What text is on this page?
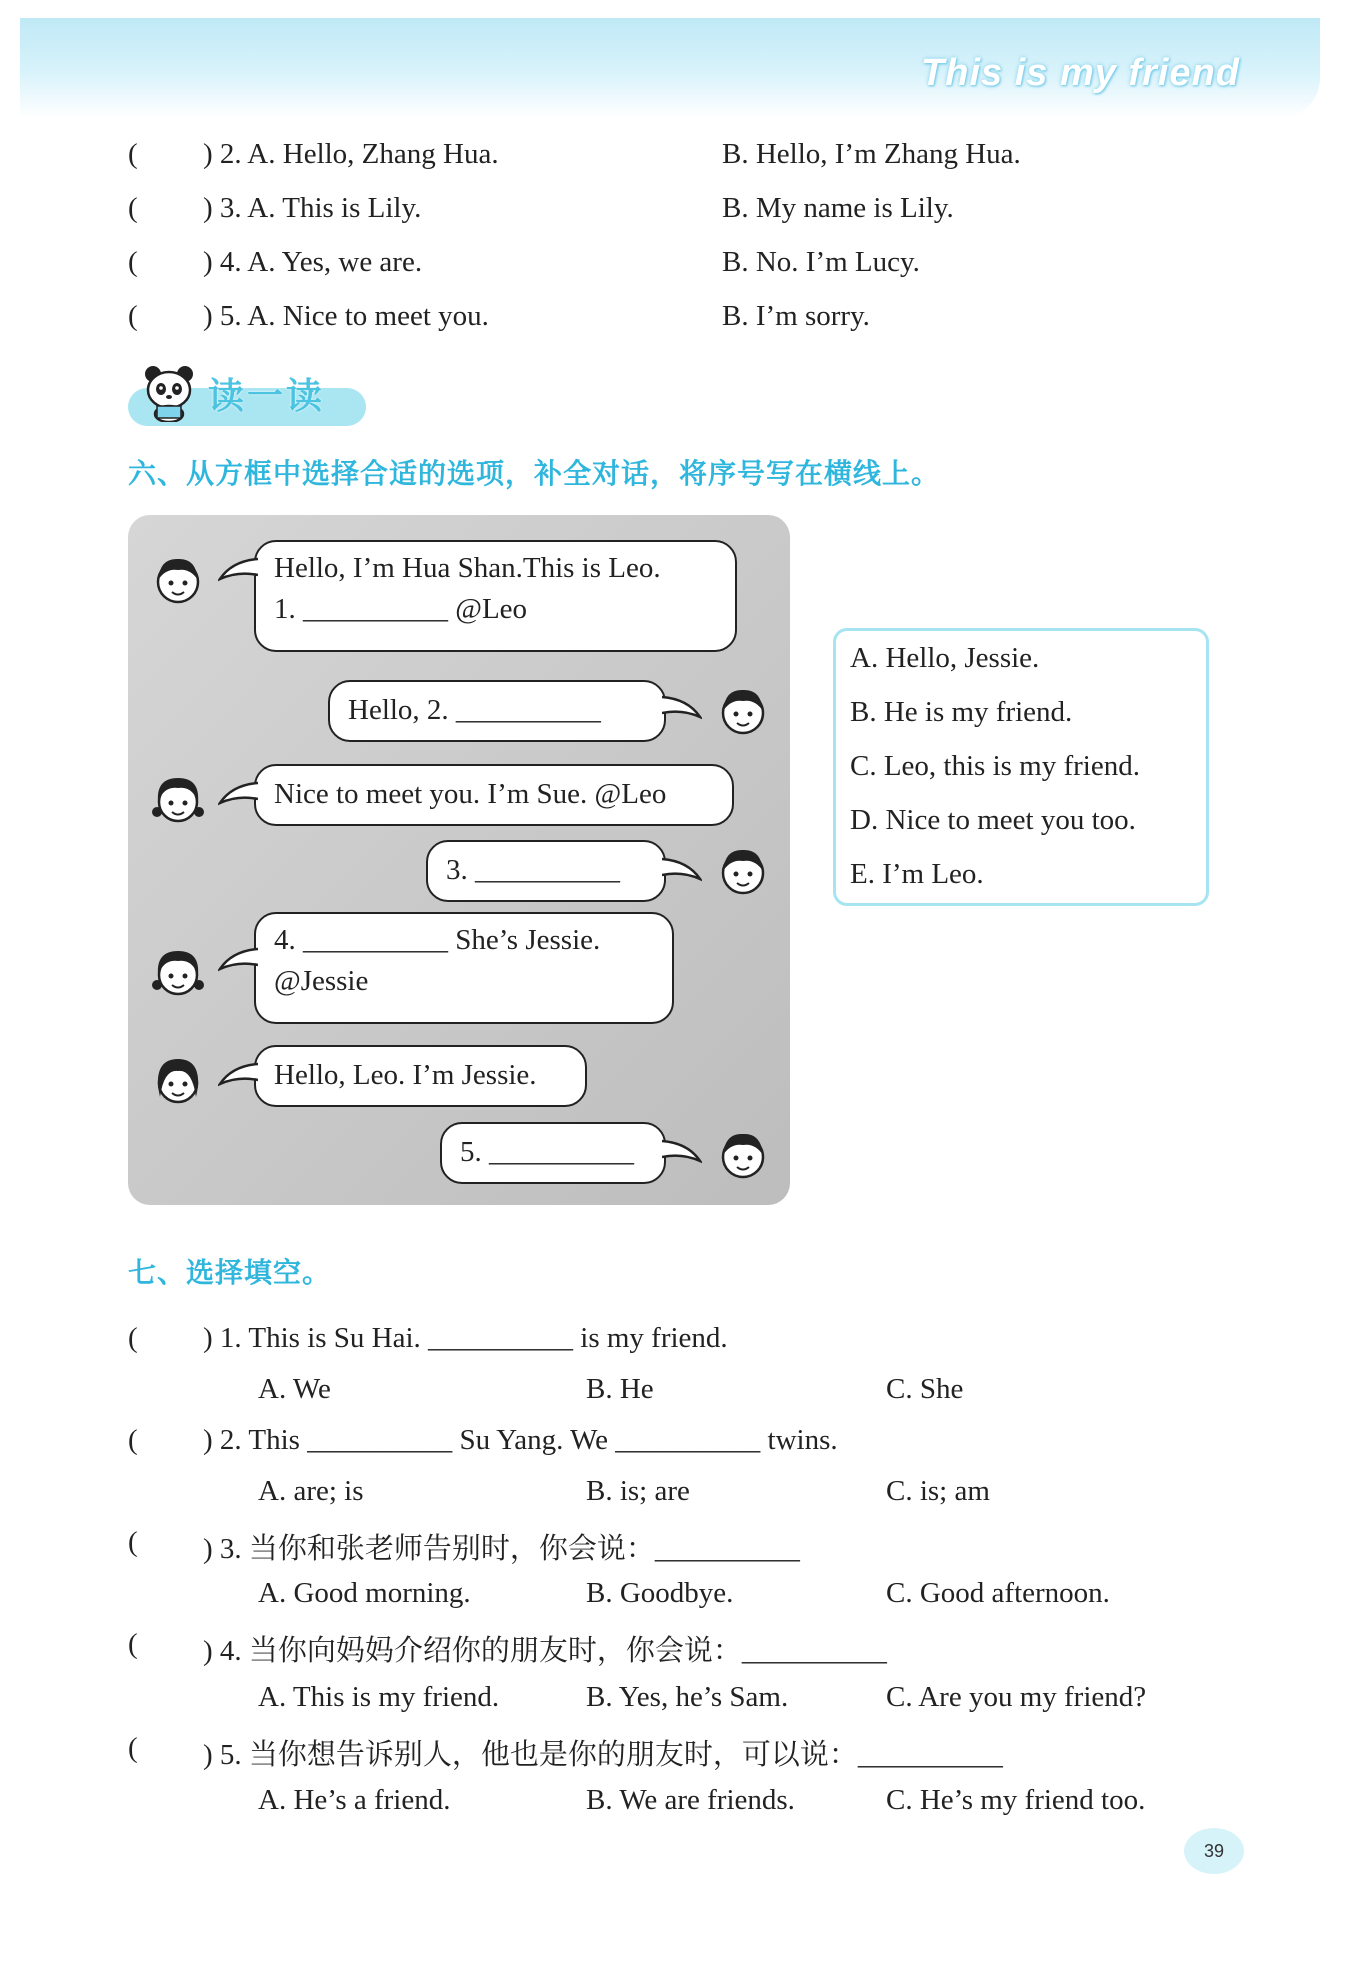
This is my friend
( ) 2. A. Hello, Zhang Hua.	B. Hello, I’m Zhang Hua.
( ) 3. A. This is Lily.	B. My name is Lily.
( ) 4. A. Yes, we are.	B. No. I’m Lucy.
( ) 5. A. Nice to meet you.	B. I’m sorry.
读一读
六、从方框中选择合适的选项，补全对话，将序号写在横线上。
Hello, I’m Hua Shan.This is Leo.
1. __________ @Leo
Hello, 2. __________
Nice to meet you. I’m Sue. @Leo
3. __________
4. __________ She’s Jessie.
@Jessie
Hello, Leo. I’m Jessie.
5. __________
A. Hello, Jessie.
B. He is my friend.
C. Leo, this is my friend.
D. Nice to meet you too.
E. I’m Leo.
七、选择填空。
( ) 1. This is Su Hai. __________ is my friend.
A. We	B. He	C. She
( ) 2. This __________ Su Yang. We __________ twins.
A. are; is	B. is; are	C. is; am
( ) 3. 当你和张老师告别时，你会说：__________
A. Good morning.	B. Goodbye.	C. Good afternoon.
( ) 4. 当你向妈妈介绍你的朋友时，你会说：__________
A. This is my friend.	B. Yes, he’s Sam.	C. Are you my friend?
( ) 5. 当你想告诉别人，他也是你的朋友时，可以说：__________
A. He’s a friend.	B. We are friends.	C. He’s my friend too.
39
